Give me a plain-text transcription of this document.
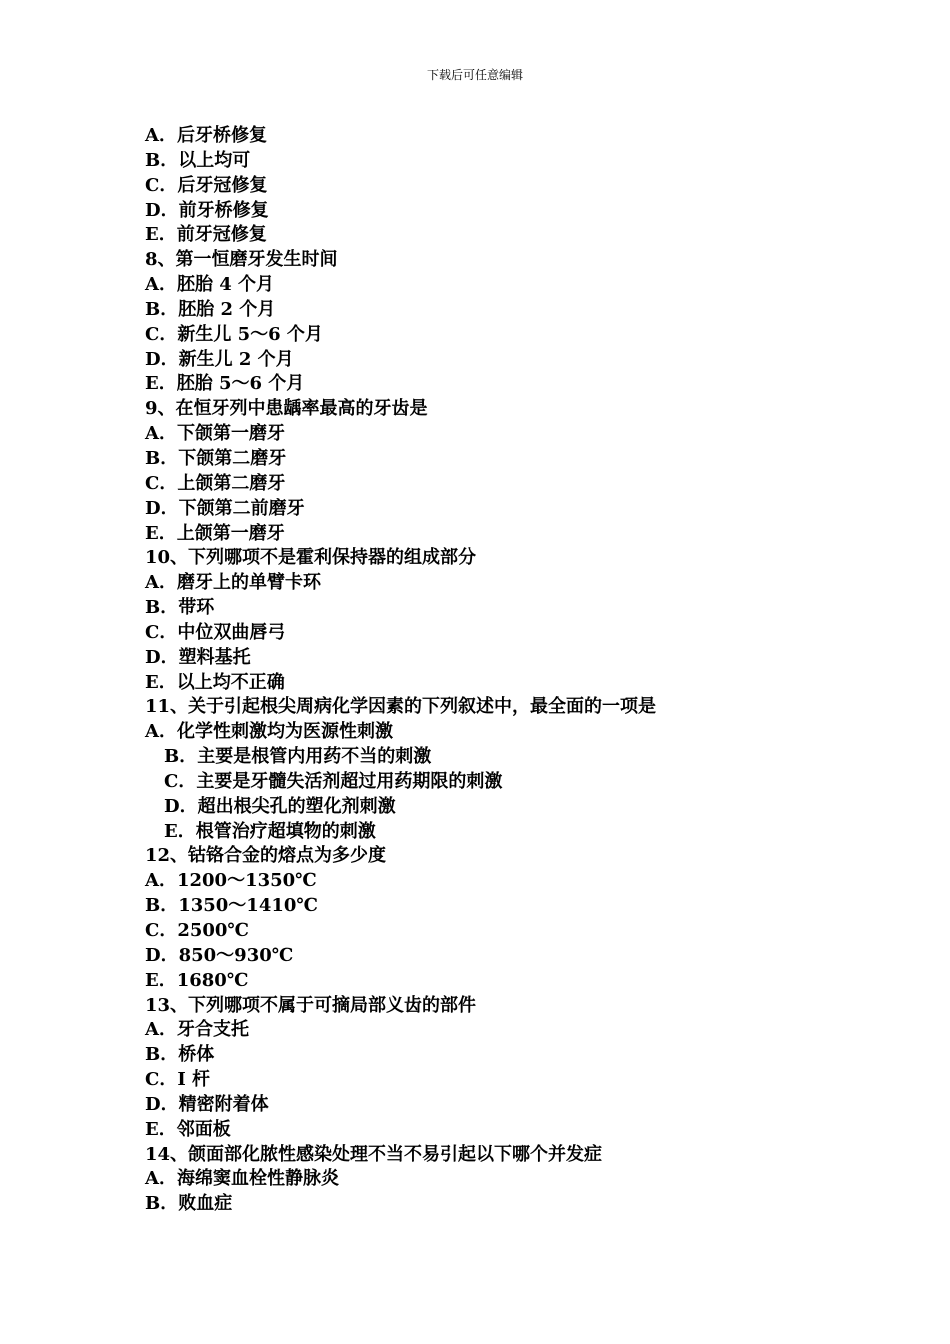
下载后可任意编辑
A．后牙桥修复
B．以上均可
C．后牙冠修复
D．前牙桥修复
E．前牙冠修复
8、第一恒磨牙发生时间
A．胚胎 4 个月
B．胚胎 2 个月
C．新生儿 5～6 个月
D．新生儿 2 个月
E．胚胎 5～6 个月
9、在恒牙列中患龋率最高的牙齿是
A．下颌第一磨牙
B．下颌第二磨牙
C．上颌第二磨牙
D．下颌第二前磨牙
E．上颌第一磨牙
10、下列哪项不是霍利保持器的组成部分
A．磨牙上的单臂卡环
B．带环
C．中位双曲唇弓
D．塑料基托
E．以上均不正确
11、关于引起根尖周病化学因素的下列叙述中，最全面的一项是
A．化学性刺激均为医源性刺激
B．主要是根管内用药不当的刺激
C．主要是牙髓失活剂超过用药期限的刺激
D．超出根尖孔的塑化剂刺激
E．根管治疗超填物的刺激
12、钴铬合金的熔点为多少度
A．1200～1350℃
B．1350～1410℃
C．2500℃
D．850～930℃
E．1680℃
13、下列哪项不属于可摘局部义齿的部件
A．牙合支托
B．桥体
C．I 杆
D．精密附着体
E．邻面板
14、颌面部化脓性感染处理不当不易引起以下哪个并发症
A．海绵窦血栓性静脉炎
B．败血症
